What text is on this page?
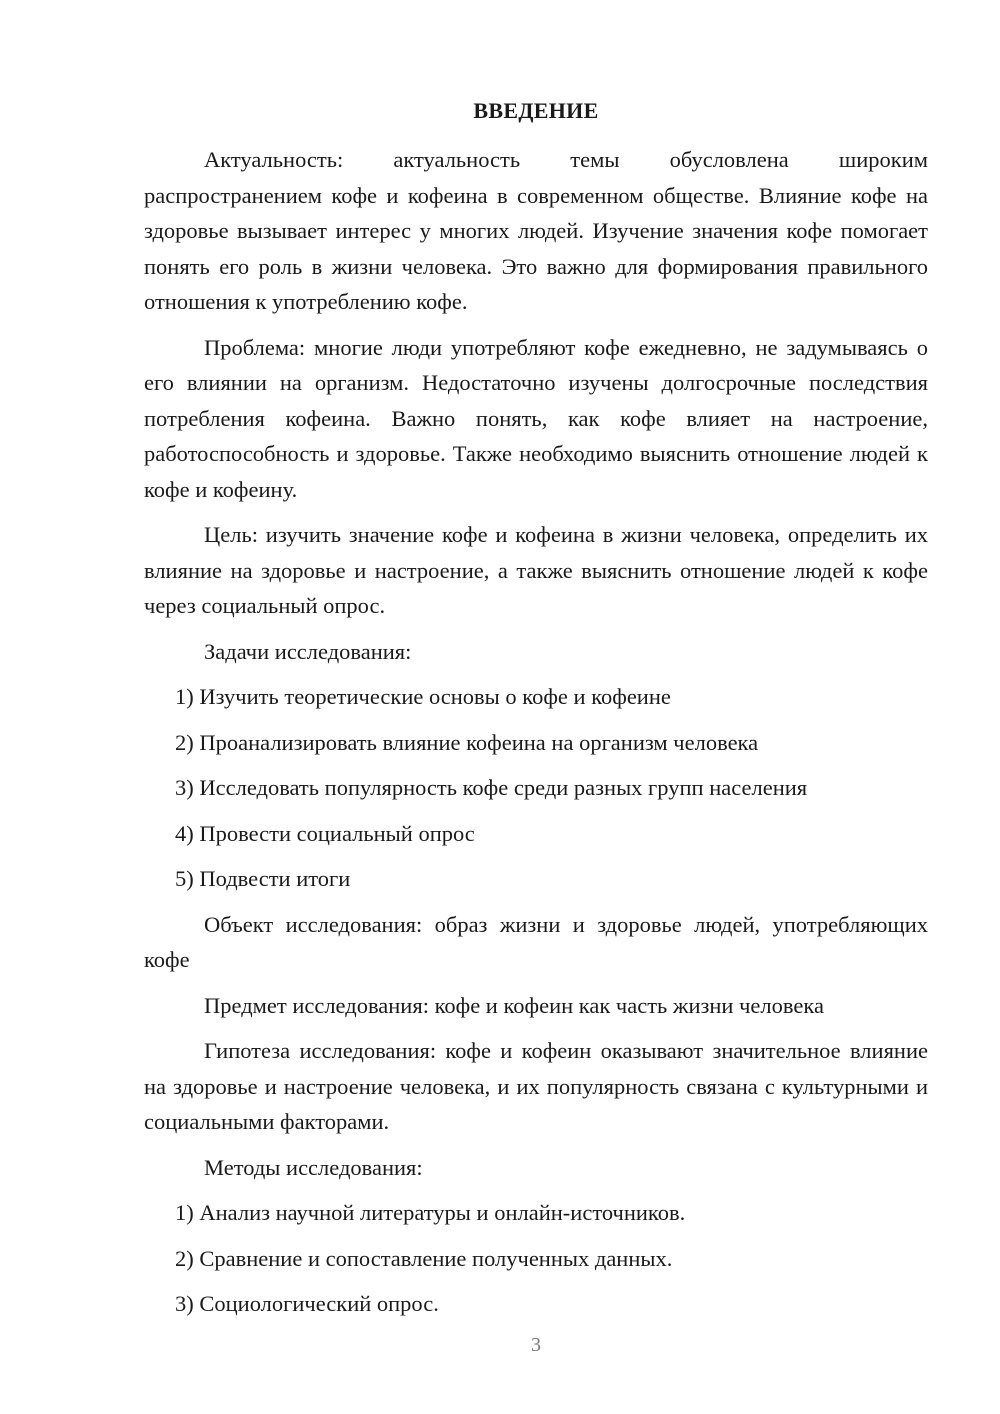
ВВЕДЕНИЕ

Актуальность: актуальность темы обусловлена широким распространением кофе и кофеина в современном обществе. Влияние кофе на здоровье вызывает интерес у многих людей. Изучение значения кофе помогает понять его роль в жизни человека. Это важно для формирования правильного отношения к употреблению кофе.

Проблема: многие люди употребляют кофе ежедневно, не задумываясь о его влиянии на организм. Недостаточно изучены долгосрочные последствия потребления кофеина. Важно понять, как кофе влияет на настроение, работоспособность и здоровье. Также необходимо выяснить отношение людей к кофе и кофеину.

Цель: изучить значение кофе и кофеина в жизни человека, определить их влияние на здоровье и настроение, а также выяснить отношение людей к кофе через социальный опрос.

Задачи исследования:

1) Изучить теоретические основы о кофе и кофеине

2) Проанализировать влияние кофеина на организм человека

3) Исследовать популярность кофе среди разных групп населения

4) Провести социальный опрос

5) Подвести итоги

Объект исследования: образ жизни и здоровье людей, употребляющих кофе

Предмет исследования: кофе и кофеин как часть жизни человека

Гипотеза исследования: кофе и кофеин оказывают значительное влияние на здоровье и настроение человека, и их популярность связана с культурными и социальными факторами.

Методы исследования:

1) Анализ научной литературы и онлайн-источников.

2) Сравнение и сопоставление полученных данных.

3) Социологический опрос.

3
